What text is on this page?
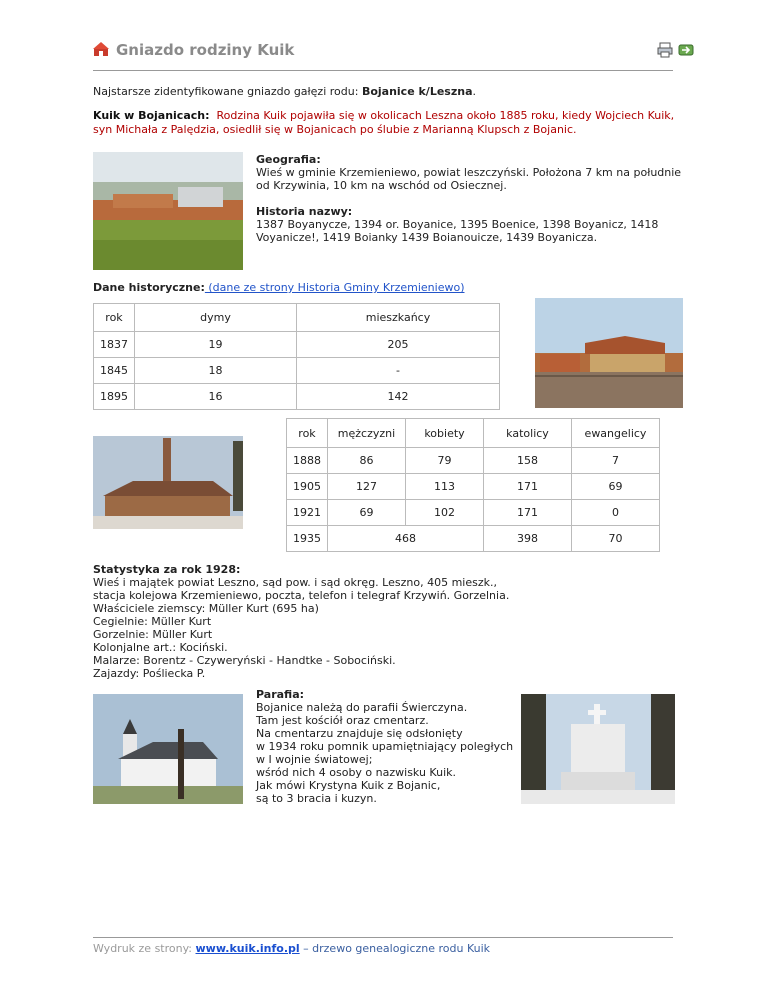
Gniazdo rodziny Kuik
Najstarsze zidentyfikowane gniazdo gałęzi rodu: Bojanice k/Leszna.
Kuik w Bojanicach: Rodzina Kuik pojawiła się w okolicach Leszna około 1885 roku, kiedy Wojciech Kuik, syn Michała z Palędzia, osiedlił się w Bojanicach po ślubie z Marianną Klupsch z Bojanic.
Geografia:
Wieś w gminie Krzemieniewo, powiat leszczyński. Położona 7 km na południe od Krzywinia, 10 km na wschód od Osiecznej.
Historia nazwy:
1387 Boyanycze, 1394 or. Boyanice, 1395 Boenice, 1398 Boyanicz, 1418 Voyanicze!, 1419 Boianky 1439 Boianouicze, 1439 Boyanicza.
Dane historyczne: (dane ze strony Historia Gminy Krzemieniewo)
rok	dymy	mieszkańcy
1837	19	205
1845	18	-
1895	16	142
rok	mężczyzni	kobiety	katolicy	ewangelicy
1888	86	79	158	7
1905	127	113	171	69
1921	69	102	171	0
1935	468		398	70
Statystyka za rok 1928:
Wieś i majątek powiat Leszno, sąd pow. i sąd okręg. Leszno, 405 mieszk.,
stacja kolejowa Krzemieniewo, poczta, telefon i telegraf Krzywiń. Gorzelnia.
Właściciele ziemscy: Müller Kurt (695 ha)
Cegielnie: Müller Kurt
Gorzelnie: Müller Kurt
Kolonjalne art.: Kociński.
Malarze: Borentz - Czyweryński - Handtke - Sobociński.
Zajazdy: Pośliecka P.
Parafia:
Bojanice należą do parafii Świerczyna.
Tam jest kościół oraz cmentarz.
Na cmentarzu znajduje się odsłonięty
w 1934 roku pomnik upamiętniający poległych
w I wojnie światowej;
wśród nich 4 osoby o nazwisku Kuik.
Jak mówi Krystyna Kuik z Bojanic,
są to 3 bracia i kuzyn.
Wydruk ze strony: www.kuik.info.pl – drzewo genealogiczne rodu Kuik
